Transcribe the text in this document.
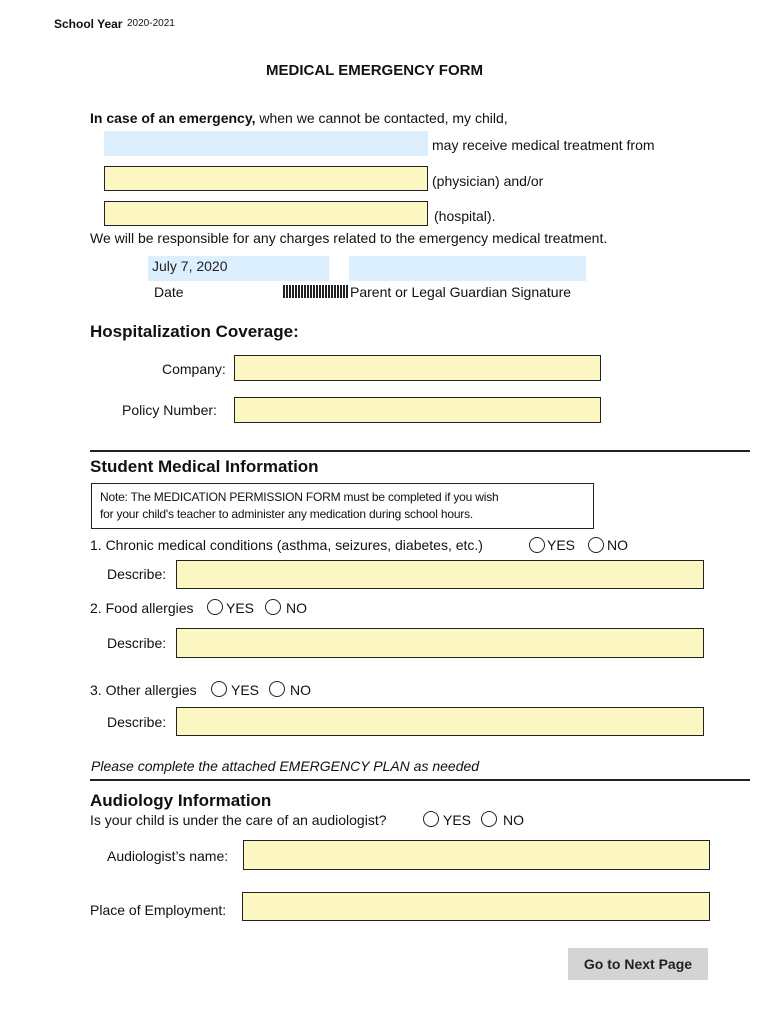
School Year 2020-2021
MEDICAL EMERGENCY FORM
In case of an emergency, when we cannot be contacted, my child,
may receive medical treatment from
(physician) and/or
(hospital).
We will be responsible for any charges related to the emergency medical treatment.
July 7, 2020
Date	Parent or Legal Guardian Signature
Hospitalization Coverage:
Company:
Policy Number:
Student Medical Information
Note: The MEDICATION PERMISSION FORM must be completed if you wish
for your child's teacher to administer any medication during school hours.
1. Chronic medical conditions (asthma, seizures, diabetes, etc.)	YES NO
Describe:
2. Food allergies YES NO
Describe:
3. Other allergies YES NO
Describe:
Please complete the attached EMERGENCY PLAN as needed
Audiology Information
Is your child is under the care of an audiologist?	YES NO
Audiologist’s name:
Place of Employment:
Go to Next Page
